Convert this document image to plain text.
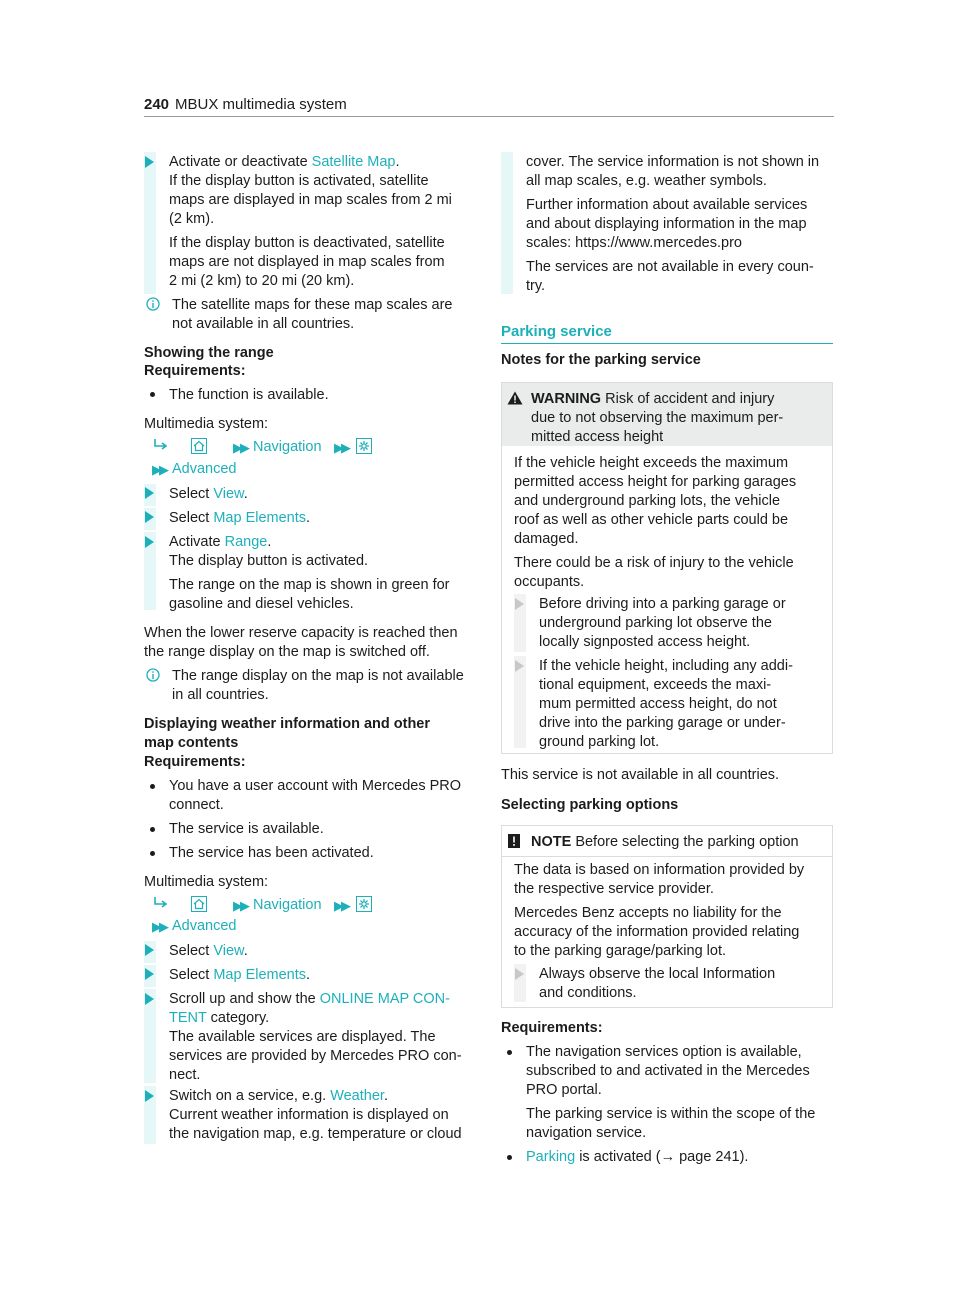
240 MBUX multimedia system
Activate or deactivate Satellite Map.
If the display button is activated, satellite
maps are displayed in map scales from 2 mi
(2 km).
If the display button is deactivated, satellite
maps are not displayed in map scales from
2 mi (2 km) to 20 mi (20 km).
The satellite maps for these map scales are
not available in all countries.
Showing the range
Requirements:
The function is available.
Multimedia system:
▶▶ Navigation ▶▶
▶▶ Advanced
Select View.
Select Map Elements.
Activate Range.
The display button is activated.
The range on the map is shown in green for
gasoline and diesel vehicles.
When the lower reserve capacity is reached then
the range display on the map is switched off.
The range display on the map is not available
in all countries.
Displaying weather information and other
map contents
Requirements:
You have a user account with Mercedes PRO
connect.
The service is available.
The service has been activated.
Multimedia system:
▶▶ Navigation ▶▶
▶▶ Advanced
Select View.
Select Map Elements.
Scroll up and show the ONLINE MAP CON-
TENT category.
The available services are displayed. The
services are provided by Mercedes PRO con-
nect.
Switch on a service, e.g. Weather.
Current weather information is displayed on
the navigation map, e.g. temperature or cloud
cover. The service information is not shown in
all map scales, e.g. weather symbols.
Further information about available services
and about displaying information in the map
scales: https://www.mercedes.pro
The services are not available in every coun-
try.
Parking service
Notes for the parking service
WARNING Risk of accident and injury
due to not observing the maximum per-
mitted access height
If the vehicle height exceeds the maximum
permitted access height for parking garages
and underground parking lots, the vehicle
roof as well as other vehicle parts could be
damaged.
There could be a risk of injury to the vehicle
occupants.
Before driving into a parking garage or
underground parking lot observe the
locally signposted access height.
If the vehicle height, including any addi-
tional equipment, exceeds the maxi-
mum permitted access height, do not
drive into the parking garage or under-
ground parking lot.
This service is not available in all countries.
Selecting parking options
NOTE Before selecting the parking option
The data is based on information provided by
the respective service provider.
Mercedes Benz accepts no liability for the
accuracy of the information provided relating
to the parking garage/parking lot.
Always observe the local Information
and conditions.
Requirements:
The navigation services option is available,
subscribed to and activated in the Mercedes
PRO portal.
The parking service is within the scope of the
navigation service.
Parking is activated (→ page 241).
